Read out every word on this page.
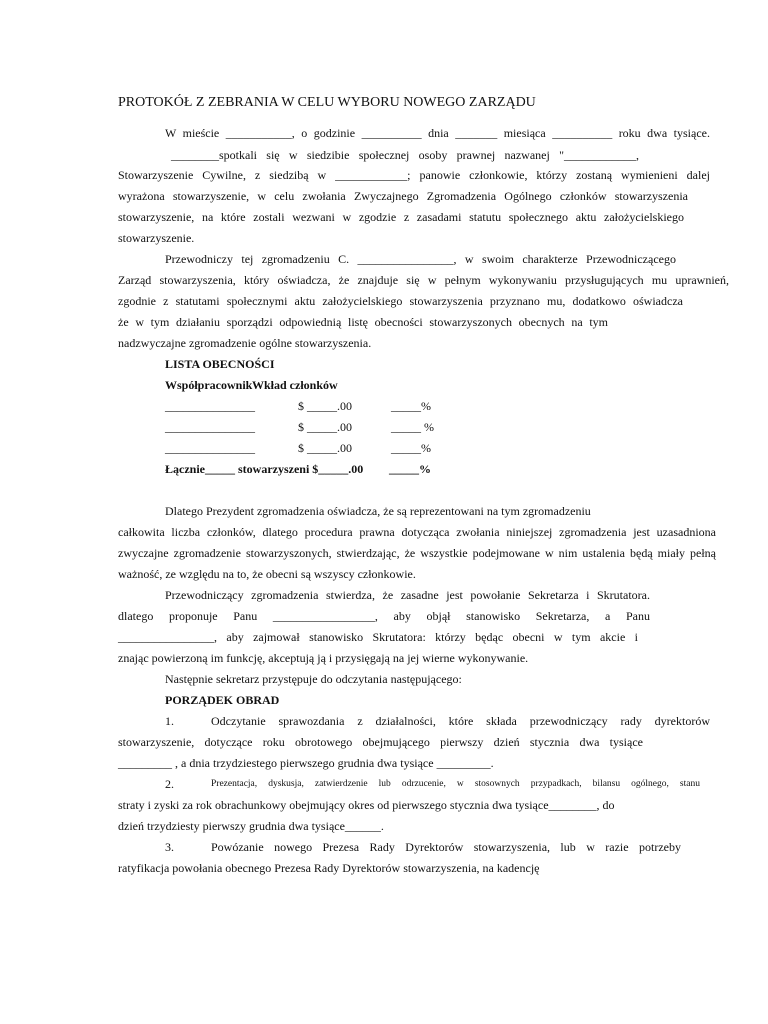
PROTOKÓŁ Z ZEBRANIA W CELU WYBORU NOWEGO ZARZĄDU
W mieście ___________, o godzinie __________ dnia _______ miesiąca __________ roku dwa tysiące.
________spotkali się w siedzibie społecznej osoby prawnej nazwanej "____________,
Stowarzyszenie Cywilne, z siedzibą w ____________; panowie członkowie, którzy zostaną wymienieni dalej
wyrażona stowarzyszenie, w celu zwołania Zwyczajnego Zgromadzenia Ogólnego członków stowarzyszenia
stowarzyszenie, na które zostali wezwani w zgodzie z zasadami statutu społecznego aktu założycielskiego
stowarzyszenie.
Przewodniczy tej zgromadzeniu C. ________________, w swoim charakterze Przewodniczącego
Zarząd stowarzyszenia, który oświadcza, że znajduje się w pełnym wykonywaniu przysługujących mu uprawnień,
zgodnie z statutami społecznymi aktu założycielskiego stowarzyszenia przyznano mu, dodatkowo oświadcza
że w tym działaniu sporządzi odpowiednią listę obecności stowarzyszonych obecnych na tym
nadzwyczajne zgromadzenie ogólne stowarzyszenia.
LISTA OBECNOŚCI
Współpracownik Wkład członków
_______________	$ _____.00	_____%
_______________	$ _____.00	_____ %
_______________	$ _____.00	_____%
Łącznie_____ stowarzyszeni $_____.00 _____%
Dlatego Prezydent zgromadzenia oświadcza, że są reprezentowani na tym zgromadzeniu
całkowita liczba członków, dlatego procedura prawna dotycząca zwołania niniejszej zgromadzenia jest uzasadniona
zwyczajne zgromadzenie stowarzyszonych, stwierdzając, że wszystkie podejmowane w nim ustalenia będą miały pełną
ważność, ze względu na to, że obecni są wszyscy członkowie.
Przewodniczący zgromadzenia stwierdza, że zasadne jest powołanie Sekretarza i Skrutatora.
dlatego proponuje Panu _________________, aby objął stanowisko Sekretarza, a Panu
________________, aby zajmował stanowisko Skrutatora: którzy będąc obecni w tym akcie i
znając powierzoną im funkcję, akceptują ją i przysięgają na jej wierne wykonywanie.
Następnie sekretarz przystępuje do odczytania następującego:
PORZĄDEK OBRAD
1.	Odczytanie sprawozdania z działalności, które składa przewodniczący rady dyrektorów
stowarzyszenie, dotyczące roku obrotowego obejmującego pierwszy dzień stycznia dwa tysiące
_________ , a dnia trzydziestego pierwszego grudnia dwa tysiące _________.
2.	Prezentacja, dyskusja, zatwierdzenie lub odrzucenie, w stosownych przypadkach, bilansu ogólnego, stanu
straty i zyski za rok obrachunkowy obejmujący okres od pierwszego stycznia dwa tysiące________, do
dzień trzydziesty pierwszy grudnia dwa tysiące______.
3.	Powózanie nowego Prezesa Rady Dyrektorów stowarzyszenia, lub w razie potrzeby
ratyfikacja powołania obecnego Prezesa Rady Dyrektorów stowarzyszenia, na kadencję
